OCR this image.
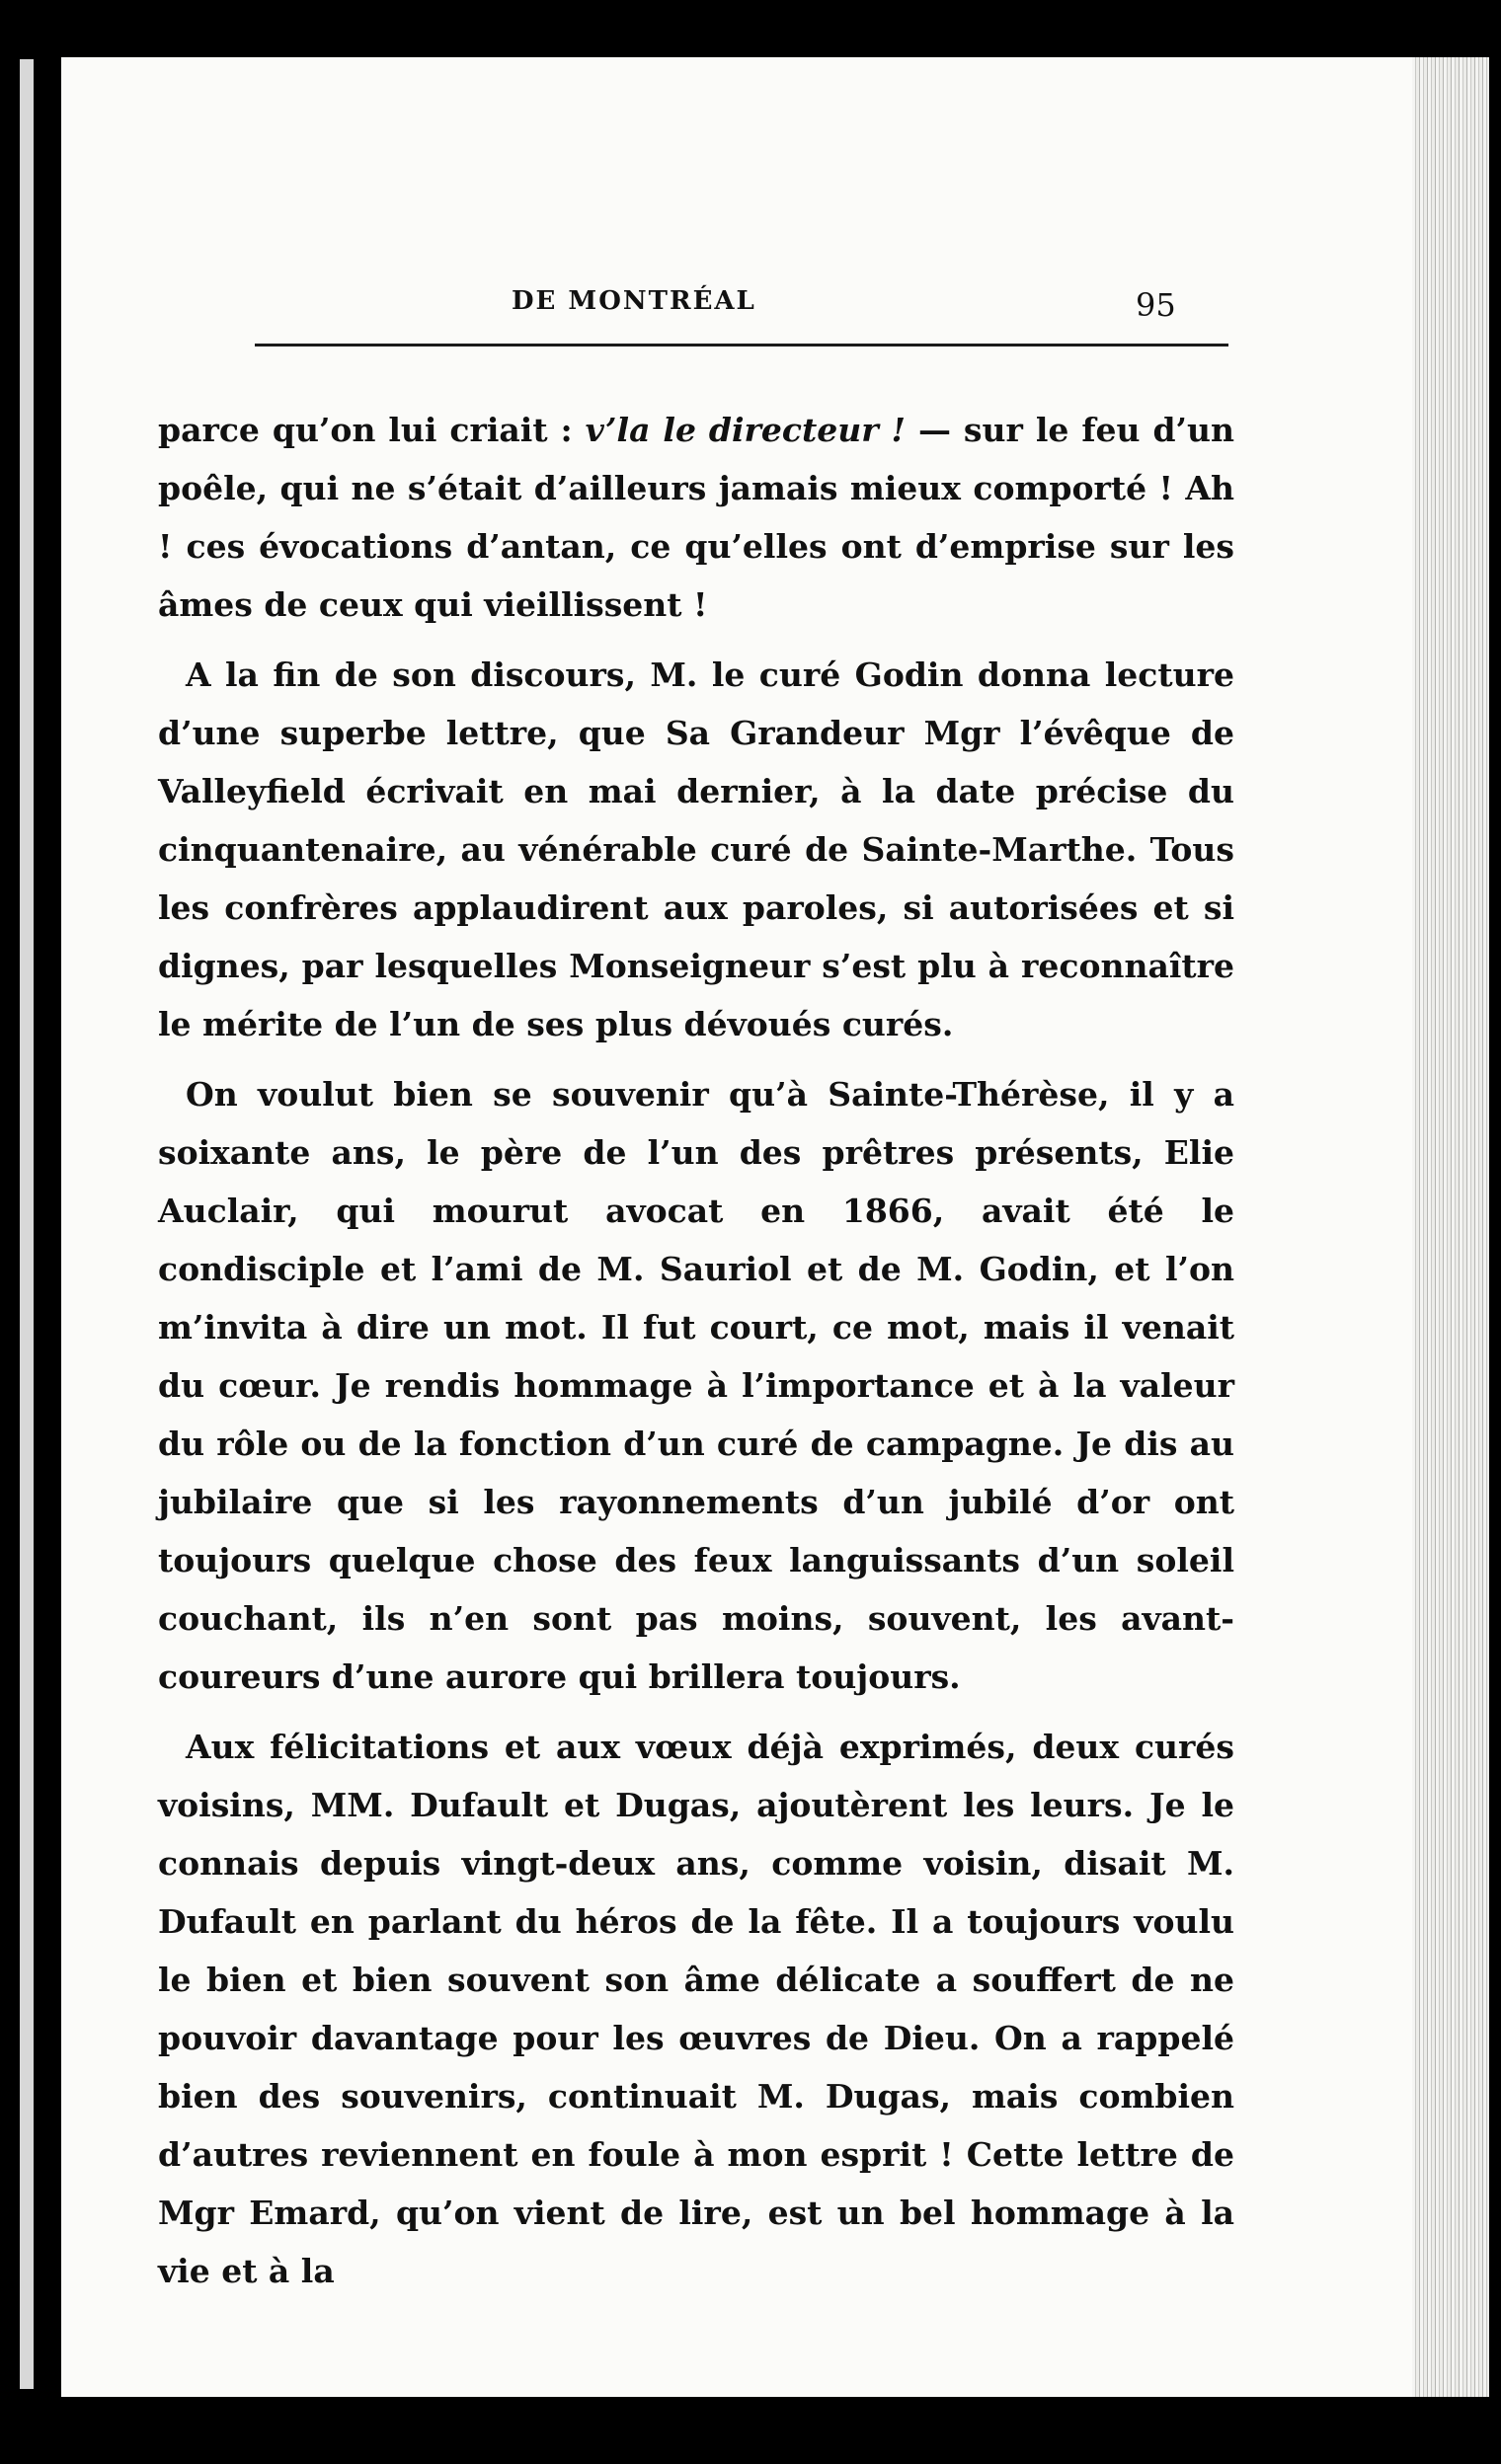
DE MONTRÉAL	95

parce qu’on lui criait : v’la le directeur ! — sur le feu d’un poêle, qui ne s’était d’ailleurs jamais mieux comporté ! Ah ! ces évocations d’antan, ce qu’elles ont d’emprise sur les âmes de ceux qui vieillissent !

A la fin de son discours, M. le curé Godin donna lecture d’une superbe lettre, que Sa Grandeur Mgr l’évêque de Valleyfield écrivait en mai dernier, à la date précise du cinquantenaire, au vénérable curé de Sainte-Marthe. Tous les confrères applaudirent aux paroles, si autorisées et si dignes, par lesquelles Monseigneur s’est plu à reconnaître le mérite de l’un de ses plus dévoués curés.

On voulut bien se souvenir qu’à Sainte-Thérèse, il y a soixante ans, le père de l’un des prêtres présents, Elie Auclair, qui mourut avocat en 1866, avait été le condisciple et l’ami de M. Sauriol et de M. Godin, et l’on m’invita à dire un mot. Il fut court, ce mot, mais il venait du cœur. Je rendis hommage à l’importance et à la valeur du rôle ou de la fonction d’un curé de campagne. Je dis au jubilaire que si les rayonnements d’un jubilé d’or ont toujours quelque chose des feux languissants d’un soleil couchant, ils n’en sont pas moins, souvent, les avant-coureurs d’une aurore qui brillera toujours.

Aux félicitations et aux vœux déjà exprimés, deux curés voisins, MM. Dufault et Dugas, ajoutèrent les leurs. Je le connais depuis vingt-deux ans, comme voisin, disait M. Dufault en parlant du héros de la fête. Il a toujours voulu le bien et bien souvent son âme délicate a souffert de ne pouvoir davantage pour les œuvres de Dieu. On a rappelé bien des souvenirs, continuait M. Dugas, mais combien d’autres reviennent en foule à mon esprit ! Cette lettre de Mgr Emard, qu’on vient de lire, est un bel hommage à la vie et à la
